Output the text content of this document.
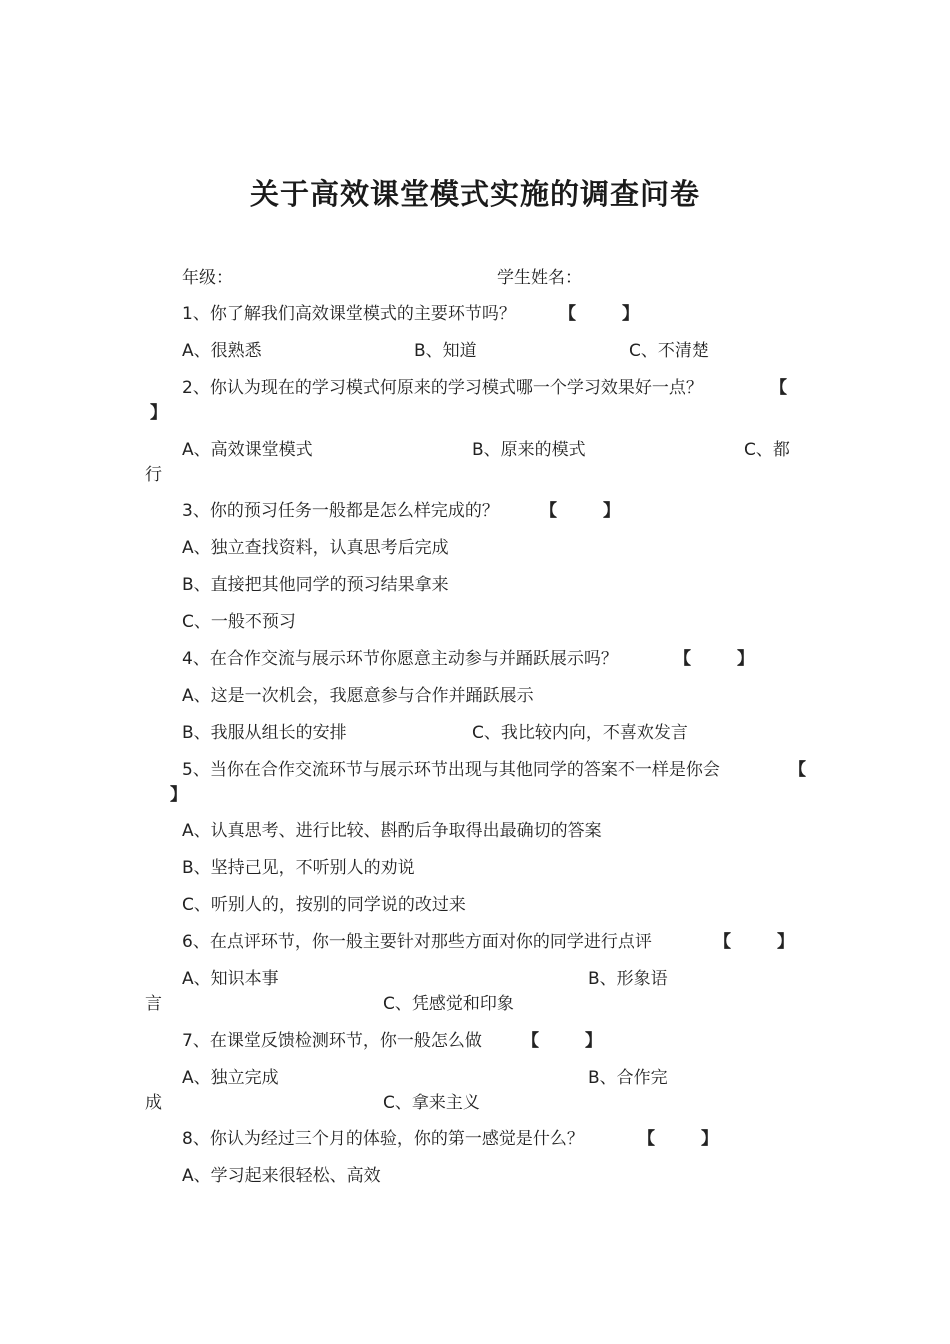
关于高效课堂模式实施的调查问卷
年级：	学生姓名：
1、你了解我们高效课堂模式的主要环节吗？	【	】
A、很熟悉	B、知道	C、不清楚
2、你认为现在的学习模式何原来的学习模式哪一个学习效果好一点？	【
】
A、高效课堂模式	B、原来的模式	C、都
行
3、你的预习任务一般都是怎么样完成的？ 【	】
A、独立查找资料，认真思考后完成
B、直接把其他同学的预习结果拿来
C、一般不预习
4、在合作交流与展示环节你愿意主动参与并踊跃展示吗？	【	】
A、这是一次机会，我愿意参与合作并踊跃展示
B、我服从组长的安排	C、我比较内向，不喜欢发言
5、当你在合作交流环节与展示环节出现与其他同学的答案不一样是你会	【
】
A、认真思考、进行比较、斟酌后争取得出最确切的答案
B、坚持己见，不听别人的劝说
C、听别人的，按别的同学说的改过来
6、在点评环节，你一般主要针对那些方面对你的同学进行点评	【	】
A、知识本事	B、形象语
言	C、凭感觉和印象
7、在课堂反馈检测环节，你一般怎么做 【	】
A、独立完成	B、合作完
成	C、拿来主义
8、你认为经过三个月的体验，你的第一感觉是什么？	【	】
A、学习起来很轻松、高效
